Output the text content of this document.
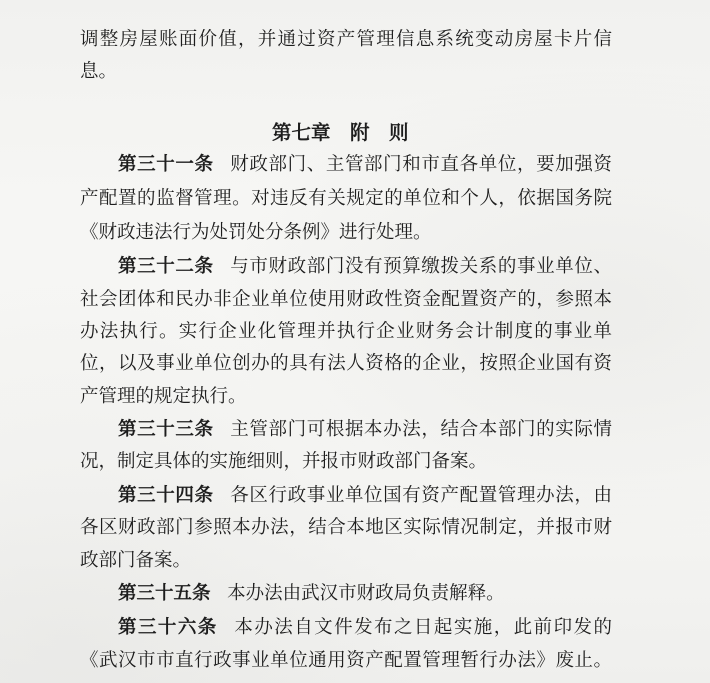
调整房屋账面价值，并通过资产管理信息系统变动房屋卡片信
息。
第七章　附　则
第三十一条 财政部门、主管部门和市直各单位，要加强资
产配置的监督管理。对违反有关规定的单位和个人，依据国务院
《财政违法行为处罚处分条例》进行处理。
第三十二条 与市财政部门没有预算缴拨关系的事业单位、
社会团体和民办非企业单位使用财政性资金配置资产的，参照本
办法执行。实行企业化管理并执行企业财务会计制度的事业单
位，以及事业单位创办的具有法人资格的企业，按照企业国有资
产管理的规定执行。
第三十三条 主管部门可根据本办法，结合本部门的实际情
况，制定具体的实施细则，并报市财政部门备案。
第三十四条 各区行政事业单位国有资产配置管理办法，由
各区财政部门参照本办法，结合本地区实际情况制定，并报市财
政部门备案。
第三十五条 本办法由武汉市财政局负责解释。
第三十六条 本办法自文件发布之日起实施，此前印发的
《武汉市市直行政事业单位通用资产配置管理暂行办法》废止。
